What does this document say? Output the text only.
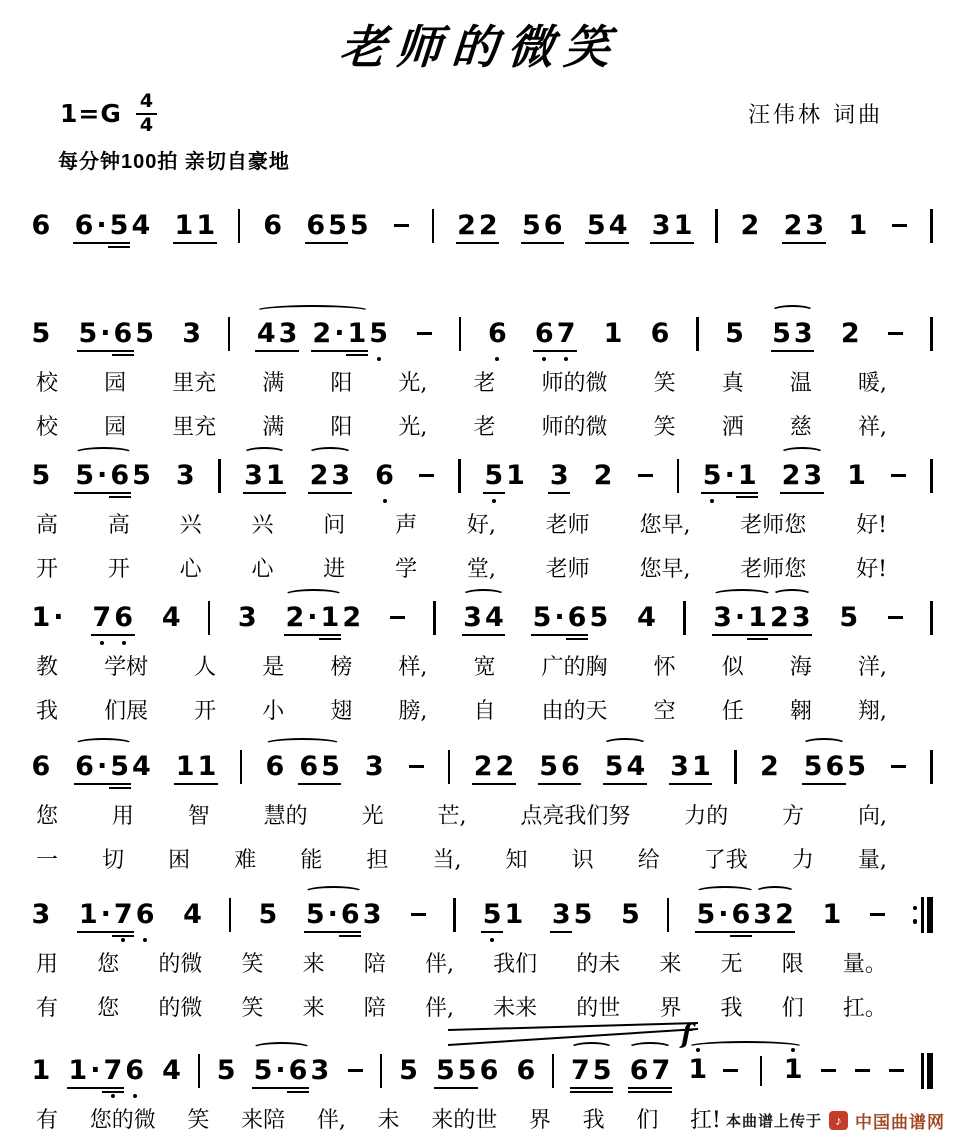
老师的微笑
$1=G \frac{4}{4}$	汪伟林 词曲
每分钟100拍 亲切自豪地
6 6 · 5 4 1 1 6 6 5 5	2 2 5 6 5 4 3 1 2 2 3 1
5 5 · 6 5 3 4 3 2 · 1 5	6 6 7 1 6 5 5 3 2
校 园 里充 满 阳 光, 老 师的微 笑 真 温 暖,
校 园 里充 满 阳 光, 老 师的微 笑 洒 慈 祥,
5 5 · 6 5 3 3 1 2 3 6	5 1 3 2	5 · 1 2 3 1
高 高 兴 兴 问 声 好, 老师 您早, 老师您 好!
开 开 心 心 进 学 堂, 老师 您早, 老师您 好!
1 · 7 6 4 3 2 · 1 2	3 4 5 · 6 5 4 3 · 1 2 3 5
教 学树 人 是 榜 样, 宽 广的胸 怀 似 海 洋,
我 们展 开 小 翅 膀, 自 由的天 空 任 翱 翔,
6 6 · 5 4 1 1 6 6 5 3	2 2 5 6 5 4 3 1 2 5 6 5
您 用 智 慧的 光 芒, 点亮我们努 力的 方 向,
一 切 困 难 能 担 当, 知 识 给 了我 力 量,
3 1 · 7 6 4 5 5 · 6 3	5 1 3 5 5 5 · 6 3 2 1
用 您 的微 笑 来 陪 伴, 我们 的未 来 无 限 量。
有 您 的微 笑 来 陪 伴, 未来 的世 界 我 们 扛。
1 1 · 7 6 4 5 5 · 6 3	5 5 5 6 6 7 5 6 7 1	1
f
有 您的微 笑 来陪 伴, 未 来的世 界 我 们 扛! 本曲谱上传于	♪ 中国曲谱网
